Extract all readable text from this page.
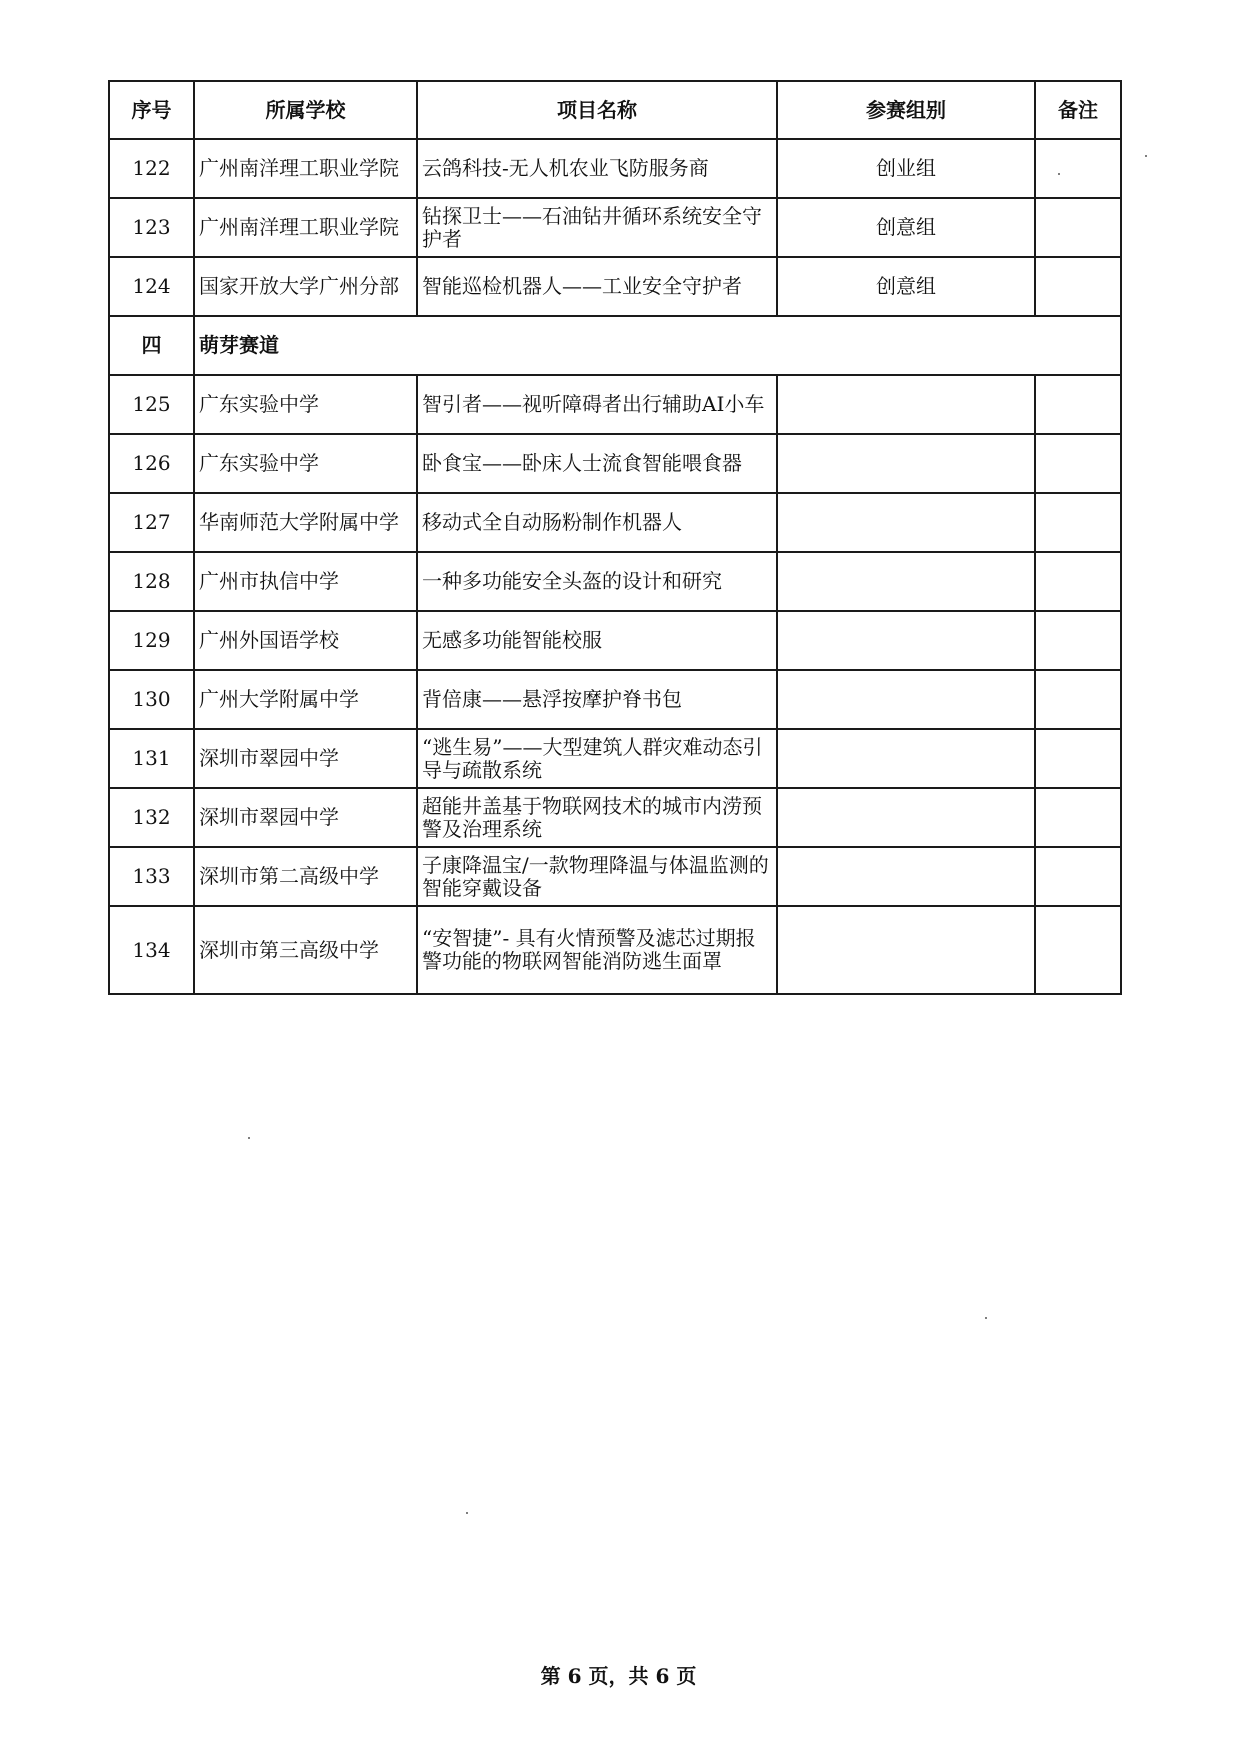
序号	所属学校	项目名称	参赛组别	备注
122	广州南洋理工职业学院	云鸽科技-无人机农业飞防服务商	创业组	
123	广州南洋理工职业学院	钻探卫士——石油钻井循环系统安全守护者	创意组	
124	国家开放大学广州分部	智能巡检机器人——工业安全守护者	创意组	
四	萌芽赛道			
125	广东实验中学	智引者——视听障碍者出行辅助AI小车		
126	广东实验中学	卧食宝——卧床人士流食智能喂食器		
127	华南师范大学附属中学	移动式全自动肠粉制作机器人		
128	广州市执信中学	一种多功能安全头盔的设计和研究		
129	广州外国语学校	无感多功能智能校服		
130	广州大学附属中学	背倍康——悬浮按摩护脊书包		
131	深圳市翠园中学	“逃生易”——大型建筑人群灾难动态引导与疏散系统		
132	深圳市翠园中学	超能井盖基于物联网技术的城市内涝预警及治理系统		
133	深圳市第二高级中学	子康降温宝/一款物理降温与体温监测的智能穿戴设备		
134	深圳市第三高级中学	“安智捷”- 具有火情预警及滤芯过期报警功能的物联网智能消防逃生面罩		
第 6 页，共 6 页
